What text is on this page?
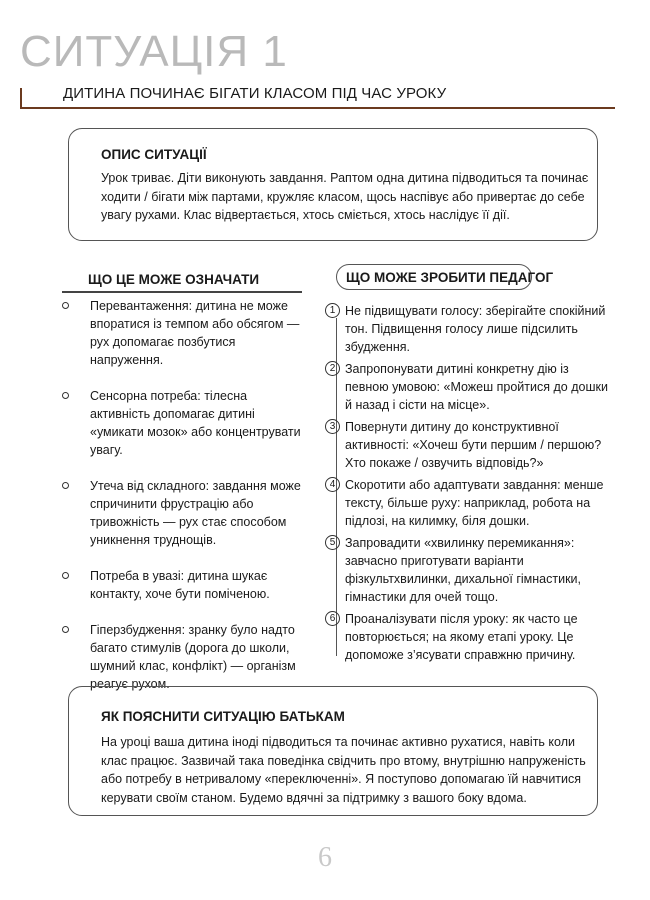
СИТУАЦІЯ 1
ДИТИНА ПОЧИНАЄ БІГАТИ КЛАСОМ ПІД ЧАС УРОКУ
ОПИС СИТУАЦІЇ

Урок триває. Діти виконують завдання. Раптом одна дитина підводиться та починає ходити / бігати між партами, кружляє класом, щось наспівує або привертає до себе увагу рухами. Клас відвертається, хтось сміється, хтось наслідує її дії.

ЩО ЦЕ МОЖЕ ОЗНАЧАТИ
Перевантаження: дитина не може впоратися із темпом або обсягом — рух допомагає позбутися напруження.
Сенсорна потреба: тілесна активність допомагає дитині «умикати мозок» або концентрувати увагу.
Утеча від складного: завдання може спричинити фрустрацію або тривожність — рух стає способом уникнення труднощів.
Потреба в увазі: дитина шукає контакту, хоче бути поміченою.
Гіперзбудження: зранку було надто багато стимулів (дорога до школи, шумний клас, конфлікт) — організм реагує рухом.
ЩО МОЖЕ ЗРОБИТИ ПЕДАГОГ
1 Не підвищувати голосу: зберігайте спокійний тон. Підвищення голосу лише підсилить збудження.
2 Запропонувати дитині конкретну дію із певною умовою: «Можеш пройтися до дошки й назад і сісти на місце».
3 Повернути дитину до конструктивної активності: «Хочеш бути першим / першою? Хто покаже / озвучить відповідь?»
4 Скоротити або адаптувати завдання: менше тексту, більше руху: наприклад, робота на підлозі, на килимку, біля дошки.
5 Запровадити «хвилинку перемикання»: завчасно приготувати варіанти фізкультхвилинки, дихальної гімнастики, гімнастики для очей тощо.
6 Проаналізувати після уроку: як часто це повторюється; на якому етапі уроку. Це допоможе з’ясувати справжню причину.
ЯК ПОЯСНИТИ СИТУАЦІЮ БАТЬКАМ

На уроці ваша дитина іноді підводиться та починає активно рухатися, навіть коли клас працює. Зазвичай така поведінка свідчить про втому, внутрішню напруженість або потребу в нетривалому «переключенні». Я поступово допомагаю їй навчитися керувати своїм станом. Будемо вдячні за підтримку з вашого боку вдома.

6
